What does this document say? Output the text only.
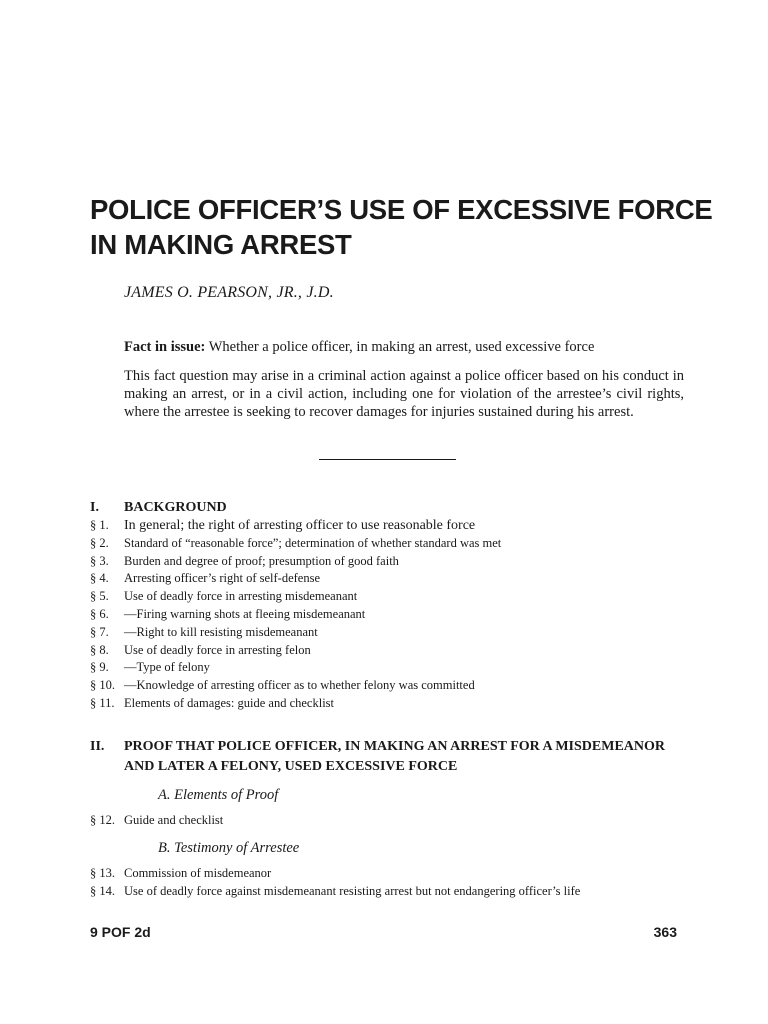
POLICE OFFICER’S USE OF EXCESSIVE FORCE
IN MAKING ARREST
JAMES O. PEARSON, JR., J.D.
Fact in issue: Whether a police officer, in making an arrest, used excessive force

This fact question may arise in a criminal action against a police officer based on his conduct in making an arrest, or in a civil action, including one for violation of the arrestee’s civil rights, where the arrestee is seeking to recover damages for injuries sustained during his arrest.

I. BACKGROUND
§ 1. In general; the right of arresting officer to use reasonable force
§ 2. Standard of “reasonable force”; determination of whether standard was met
§ 3. Burden and degree of proof; presumption of good faith
§ 4. Arresting officer’s right of self-defense
§ 5. Use of deadly force in arresting misdemeanant
§ 6. —Firing warning shots at fleeing misdemeanant
§ 7. —Right to kill resisting misdemeanant
§ 8. Use of deadly force in arresting felon
§ 9. —Type of felony
§ 10. —Knowledge of arresting officer as to whether felony was committed
§ 11. Elements of damages: guide and checklist
II. PROOF THAT POLICE OFFICER, IN MAKING AN ARREST FOR A MISDEMEANOR
AND LATER A FELONY, USED EXCESSIVE FORCE
A. Elements of Proof
§ 12. Guide and checklist
B. Testimony of Arrestee
§ 13. Commission of misdemeanor
§ 14. Use of deadly force against misdemeanant resisting arrest but not endangering officer’s life
9 POF 2d	363
